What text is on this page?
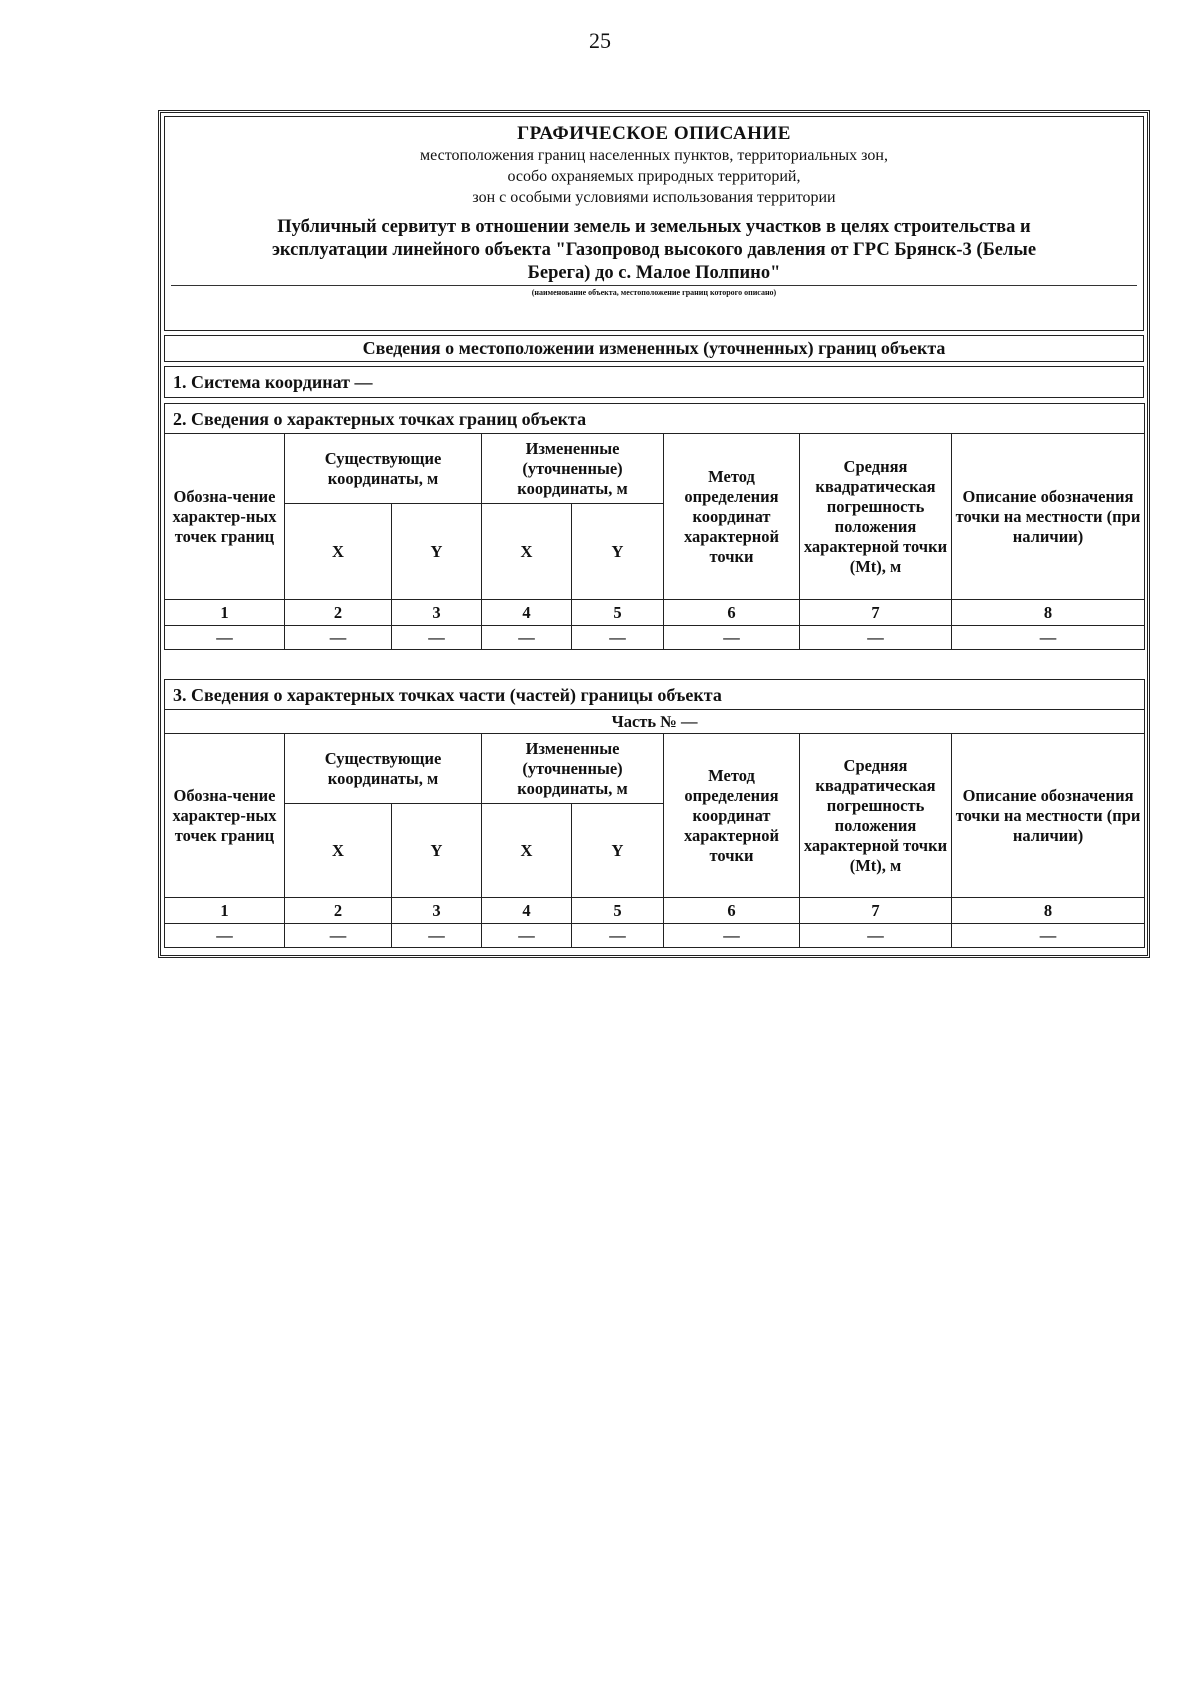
25
ГРАФИЧЕСКОЕ ОПИСАНИЕ
местоположения границ населенных пунктов, территориальных зон,
особо охраняемых природных территорий,
зон с особыми условиями использования территории
Публичный сервитут в отношении земель и земельных участков в целях строительства и
эксплуатации линейного объекта "Газопровод высокого давления от ГРС Брянск-3 (Белые
Берега) до с. Малое Полпино"
(наименование объекта, местоположение границ которого описано)
Сведения о местоположении измененных (уточненных) границ объекта
1. Система координат —
2. Сведения о характерных точках границ объекта							
Обозна-чение характер-ных точек границ	Существующие координаты, м		Измененные (уточненные) координаты, м		Метод определения координат характерной точки	Средняя квадратическая погрешность положения характерной точки (Mt), м	Описание обозначения точки на местности (при наличии)
	X	Y	X	Y			
1	2	3	4	5	6	7	8
—	—	—	—	—	—	—	—
3. Сведения о характерных точках части (частей) границы объекта							
Часть № —							
Обозна-чение характер-ных точек границ	Существующие координаты, м		Измененные (уточненные) координаты, м		Метод определения координат характерной точки	Средняя квадратическая погрешность положения характерной точки (Mt), м	Описание обозначения точки на местности (при наличии)
	X	Y	X	Y			
1	2	3	4	5	6	7	8
—	—	—	—	—	—	—	—
